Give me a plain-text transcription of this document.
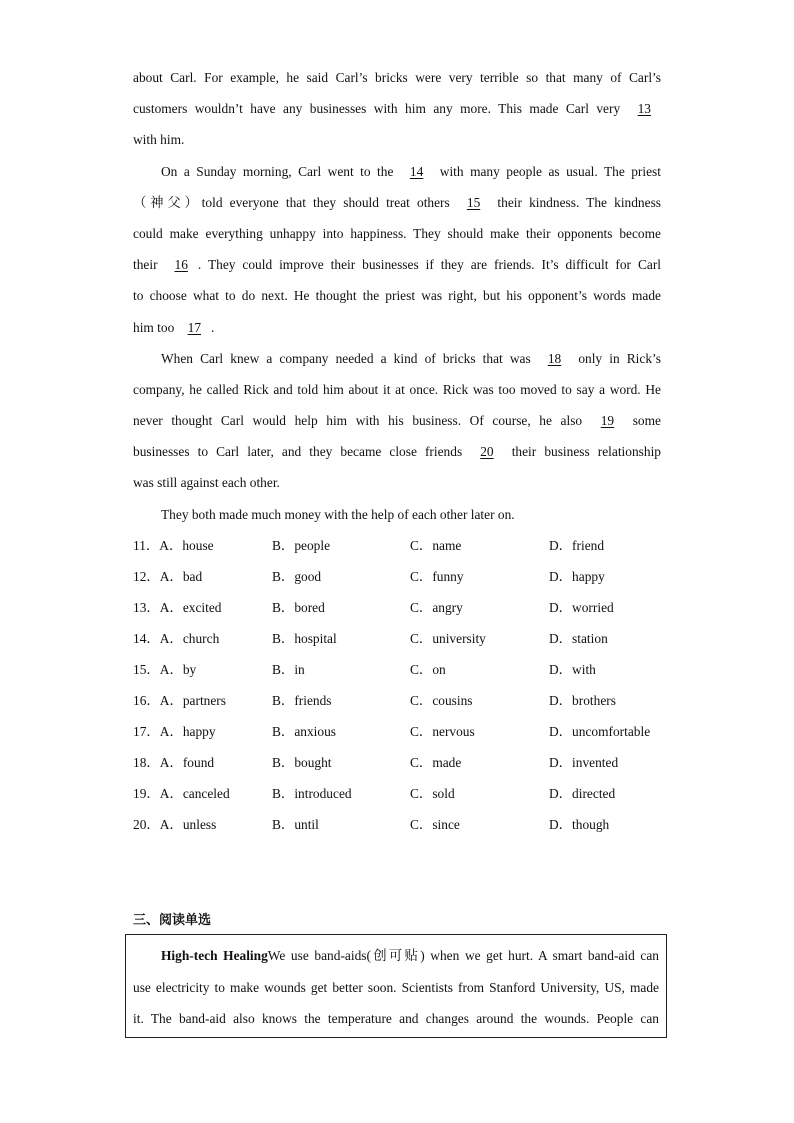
about Carl. For example, he said Carl’s bricks were very terrible so that many of Carl’s
customers wouldn’t have any businesses with him any more. This made Carl very 13
with him.
On a Sunday morning, Carl went to the 14 with many people as usual. The priest
（神父）told everyone that they should treat others 15 their kindness. The kindness
could make everything unhappy into happiness. They should make their opponents become
their 16 . They could improve their businesses if they are friends. It’s difficult for Carl
to choose what to do next. He thought the priest was right, but his opponent’s words made
him too 17 .
When Carl knew a company needed a kind of bricks that was 18 only in Rick’s
company, he called Rick and told him about it at once. Rick was too moved to say a word. He
never thought Carl would help him with his business. Of course, he also 19 some
businesses to Carl later, and they became close friends 20 their business relationship
was still against each other.
They both made much money with the help of each other later on.
11．A．house	B．people	C．name	D．friend
12．A．bad	B．good	C．funny	D．happy
13．A．excited	B．bored	C．angry	D．worried
14．A．church	B．hospital	C．university	D．station
15．A．by	B．in	C．on	D．with
16．A．partners	B．friends	C．cousins	D．brothers
17．A．happy	B．anxious	C．nervous	D．uncomfortable
18．A．found	B．bought	C．made	D．invented
19．A．canceled	B．introduced	C．sold	D．directed
20．A．unless	B．until	C．since	D．though
三、阅读单选
High-tech HealingWe use band-aids(创可贴) when we get hurt. A smart band-aid can
use electricity to make wounds get better soon. Scientists from Stanford University, US, made
it. The band-aid also knows the temperature and changes around the wounds. People can
